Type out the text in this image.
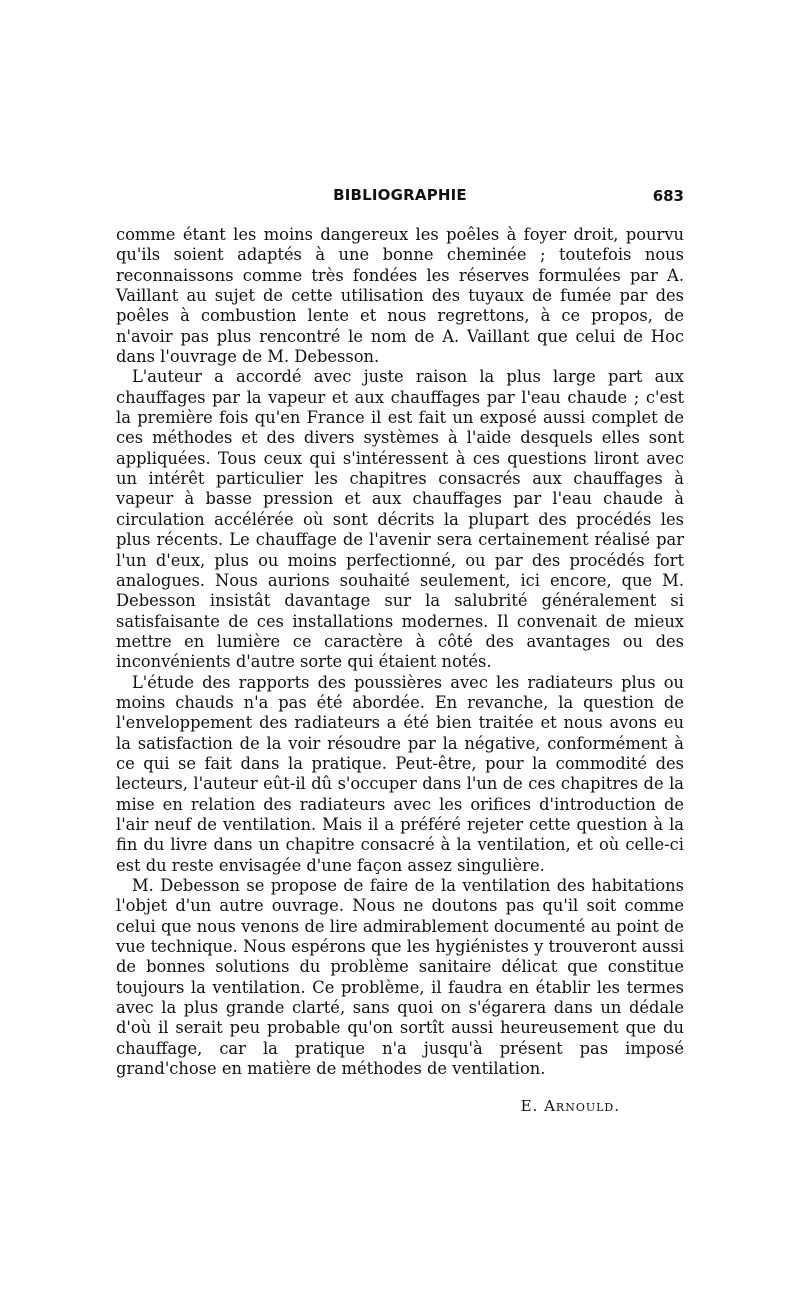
BIBLIOGRAPHIE	683

comme étant les moins dangereux les poêles à foyer droit, pourvu qu'ils soient adaptés à une bonne cheminée ; toutefois nous reconnaissons comme très fondées les réserves formulées par A. Vaillant au sujet de cette utilisation des tuyaux de fumée par des poêles à combustion lente et nous regrettons, à ce propos, de n'avoir pas plus rencontré le nom de A. Vaillant que celui de Hoc dans l'ouvrage de M. Debesson.

L'auteur a accordé avec juste raison la plus large part aux chauffages par la vapeur et aux chauffages par l'eau chaude ; c'est la première fois qu'en France il est fait un exposé aussi complet de ces méthodes et des divers systèmes à l'aide desquels elles sont appliquées. Tous ceux qui s'intéressent à ces questions liront avec un intérêt particulier les chapitres consacrés aux chauffages à vapeur à basse pression et aux chauffages par l'eau chaude à circulation accélérée où sont décrits la plupart des procédés les plus récents. Le chauffage de l'avenir sera certainement réalisé par l'un d'eux, plus ou moins perfectionné, ou par des procédés fort analogues. Nous aurions souhaité seulement, ici encore, que M. Debesson insistât davantage sur la salubrité généralement si satisfaisante de ces installations modernes. Il convenait de mieux mettre en lumière ce caractère à côté des avantages ou des inconvénients d'autre sorte qui étaient notés.

L'étude des rapports des poussières avec les radiateurs plus ou moins chauds n'a pas été abordée. En revanche, la question de l'enveloppement des radiateurs a été bien traitée et nous avons eu la satisfaction de la voir résoudre par la négative, conformément à ce qui se fait dans la pratique. Peut-être, pour la commodité des lecteurs, l'auteur eût-il dû s'occuper dans l'un de ces chapitres de la mise en relation des radiateurs avec les orifices d'introduction de l'air neuf de ventilation. Mais il a préféré rejeter cette question à la fin du livre dans un chapitre consacré à la ventilation, et où celle-ci est du reste envisagée d'une façon assez singulière.

M. Debesson se propose de faire de la ventilation des habitations l'objet d'un autre ouvrage. Nous ne doutons pas qu'il soit comme celui que nous venons de lire admirablement documenté au point de vue technique. Nous espérons que les hygiénistes y trouveront aussi de bonnes solutions du problème sanitaire délicat que constitue toujours la ventilation. Ce problème, il faudra en établir les termes avec la plus grande clarté, sans quoi on s'égarera dans un dédale d'où il serait peu probable qu'on sortît aussi heureusement que du chauffage, car la pratique n'a jusqu'à présent pas imposé grand'chose en matière de méthodes de ventilation.

E. Arnould.
